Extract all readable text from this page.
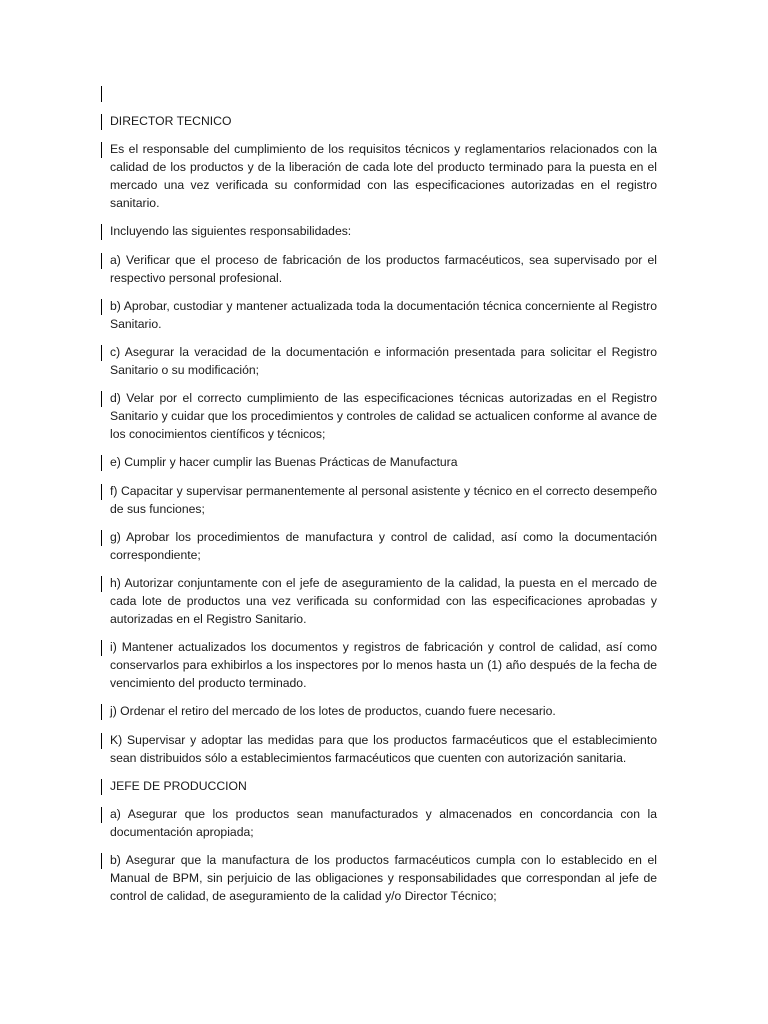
DIRECTOR TECNICO

Es el responsable del cumplimiento de los requisitos técnicos y reglamentarios relacionados con la calidad de los productos y de la liberación de cada lote del producto terminado para la puesta en el mercado una vez verificada su conformidad con las especificaciones autorizadas en el registro sanitario.

Incluyendo las siguientes responsabilidades:

a) Verificar que el proceso de fabricación de los productos farmacéuticos, sea supervisado por el respectivo personal profesional.

b) Aprobar, custodiar y mantener actualizada toda la documentación técnica concerniente al Registro Sanitario.

c) Asegurar la veracidad de la documentación e información presentada para solicitar el Registro Sanitario o su modificación;

d) Velar por el correcto cumplimiento de las especificaciones técnicas autorizadas en el Registro Sanitario y cuidar que los procedimientos y controles de calidad se actualicen conforme al avance de los conocimientos científicos y técnicos;

e) Cumplir y hacer cumplir las Buenas Prácticas de Manufactura

f) Capacitar y supervisar permanentemente al personal asistente y técnico en el correcto desempeño de sus funciones;

g) Aprobar los procedimientos de manufactura y control de calidad, así como la documentación correspondiente;

h) Autorizar conjuntamente con el jefe de aseguramiento de la calidad, la puesta en el mercado de cada lote de productos una vez verificada su conformidad con las especificaciones aprobadas y autorizadas en el Registro Sanitario.

i) Mantener actualizados los documentos y registros de fabricación y control de calidad, así como conservarlos para exhibirlos a los inspectores por lo menos hasta un (1) año después de la fecha de vencimiento del producto terminado.

j) Ordenar el retiro del mercado de los lotes de productos, cuando fuere necesario.

K) Supervisar y adoptar las medidas para que los productos farmacéuticos que el establecimiento sean distribuidos sólo a establecimientos farmacéuticos que cuenten con autorización sanitaria.

JEFE DE PRODUCCION

a) Asegurar que los productos sean manufacturados y almacenados en concordancia con la documentación apropiada;

b) Asegurar que la manufactura de los productos farmacéuticos cumpla con lo establecido en el Manual de BPM, sin perjuicio de las obligaciones y responsabilidades que correspondan al jefe de control de calidad, de aseguramiento de la calidad y/o Director Técnico;
